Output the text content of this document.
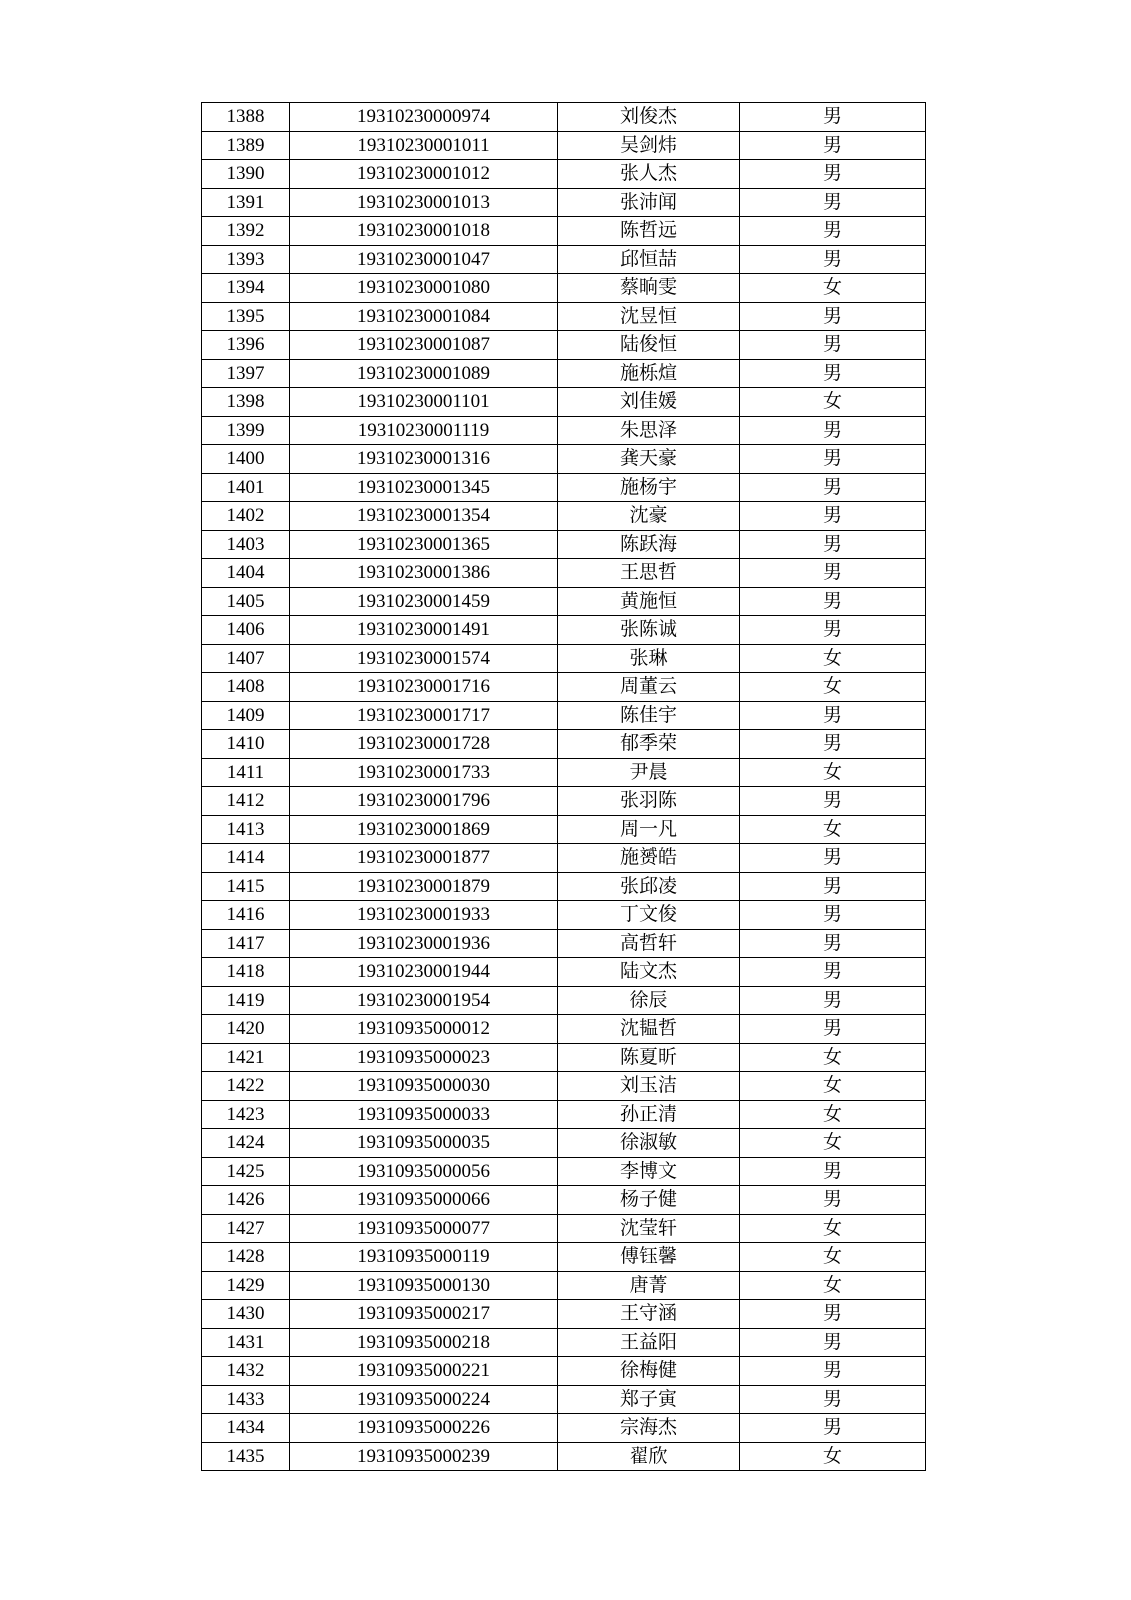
1388	19310230000974	刘俊杰	男
1389	19310230001011	吴剑炜	男
1390	19310230001012	张人杰	男
1391	19310230001013	张沛闻	男
1392	19310230001018	陈哲远	男
1393	19310230001047	邱恒喆	男
1394	19310230001080	蔡晌雯	女
1395	19310230001084	沈昱恒	男
1396	19310230001087	陆俊恒	男
1397	19310230001089	施栎煊	男
1398	19310230001101	刘佳媛	女
1399	19310230001119	朱思泽	男
1400	19310230001316	龚天豪	男
1401	19310230001345	施杨宇	男
1402	19310230001354	沈豪	男
1403	19310230001365	陈跃海	男
1404	19310230001386	王思哲	男
1405	19310230001459	黄施恒	男
1406	19310230001491	张陈诚	男
1407	19310230001574	张琳	女
1408	19310230001716	周董云	女
1409	19310230001717	陈佳宇	男
1410	19310230001728	郁季荣	男
1411	19310230001733	尹晨	女
1412	19310230001796	张羽陈	男
1413	19310230001869	周一凡	女
1414	19310230001877	施赟皓	男
1415	19310230001879	张邱凌	男
1416	19310230001933	丁文俊	男
1417	19310230001936	高哲轩	男
1418	19310230001944	陆文杰	男
1419	19310230001954	徐辰	男
1420	19310935000012	沈韫哲	男
1421	19310935000023	陈夏昕	女
1422	19310935000030	刘玉洁	女
1423	19310935000033	孙正清	女
1424	19310935000035	徐淑敏	女
1425	19310935000056	李博文	男
1426	19310935000066	杨子健	男
1427	19310935000077	沈莹轩	女
1428	19310935000119	傅钰馨	女
1429	19310935000130	唐菁	女
1430	19310935000217	王守涵	男
1431	19310935000218	王益阳	男
1432	19310935000221	徐梅健	男
1433	19310935000224	郑子寅	男
1434	19310935000226	宗海杰	男
1435	19310935000239	翟欣	女
